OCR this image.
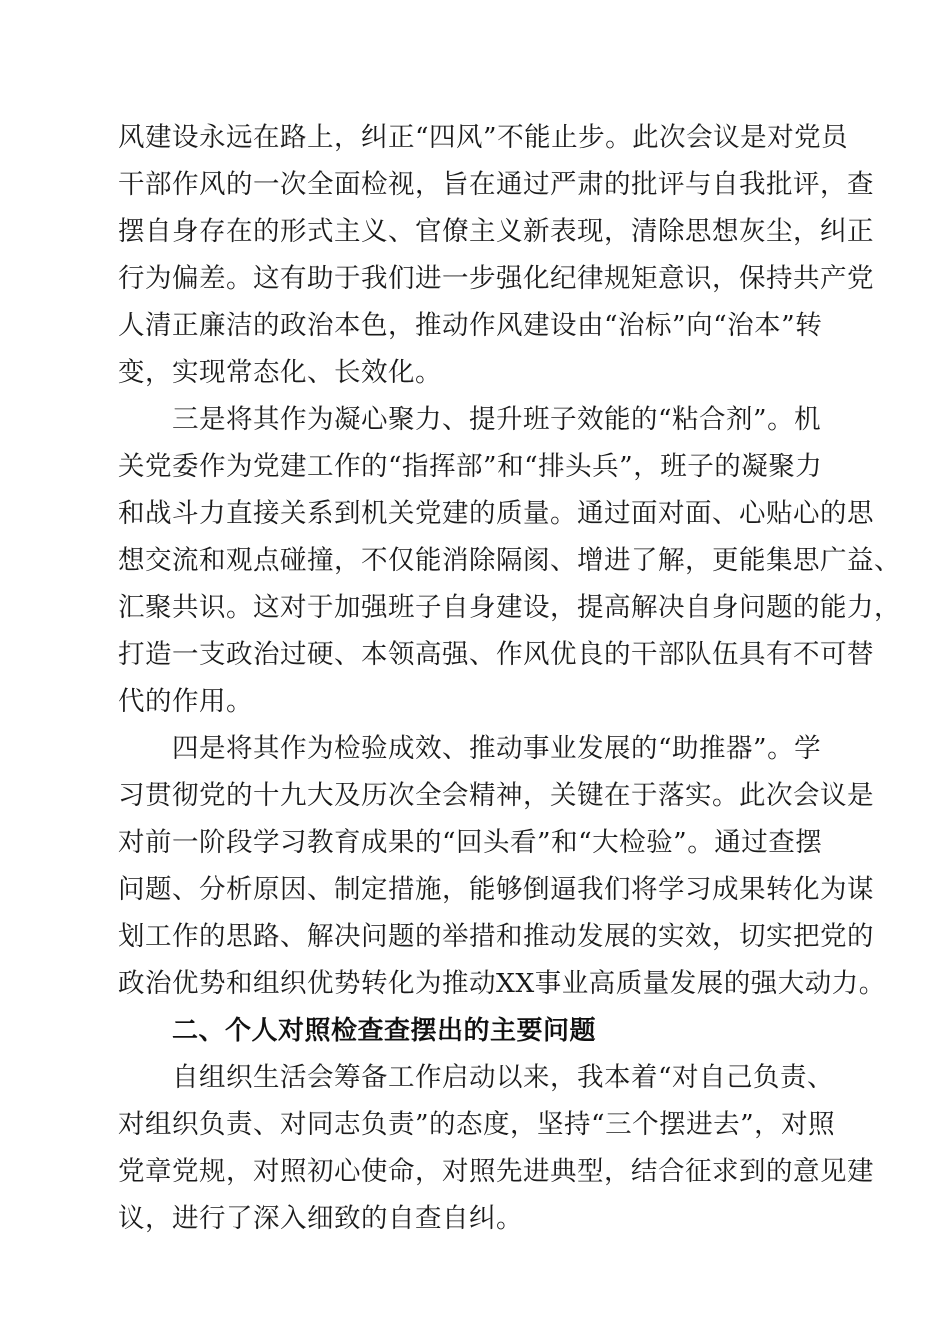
风建设永远在路上，纠正“四风”不能止步。此次会议是对党员

干部作风的一次全面检视，旨在通过严肃的批评与自我批评，查

摆自身存在的形式主义、官僚主义新表现，清除思想灰尘，纠正

行为偏差。这有助于我们进一步强化纪律规矩意识，保持共产党

人清正廉洁的政治本色，推动作风建设由“治标”向“治本”转

变，实现常态化、长效化。

三是将其作为凝心聚力、提升班子效能的“粘合剂”。机

关党委作为党建工作的“指挥部”和“排头兵”，班子的凝聚力

和战斗力直接关系到机关党建的质量。通过面对面、心贴心的思

想交流和观点碰撞，不仅能消除隔阂、增进了解，更能集思广益、

汇聚共识。这对于加强班子自身建设，提高解决自身问题的能力，

打造一支政治过硬、本领高强、作风优良的干部队伍具有不可替

代的作用。

四是将其作为检验成效、推动事业发展的“助推器”。学

习贯彻党的十九大及历次全会精神，关键在于落实。此次会议是

对前一阶段学习教育成果的“回头看”和“大检验”。通过查摆

问题、分析原因、制定措施，能够倒逼我们将学习成果转化为谋

划工作的思路、解决问题的举措和推动发展的实效，切实把党的

政治优势和组织优势转化为推动XX事业高质量发展的强大动力。

二、个人对照检查查摆出的主要问题

自组织生活会筹备工作启动以来，我本着“对自己负责、

对组织负责、对同志负责”的态度，坚持“三个摆进去”，对照

党章党规，对照初心使命，对照先进典型，结合征求到的意见建

议，进行了深入细致的自查自纠。
